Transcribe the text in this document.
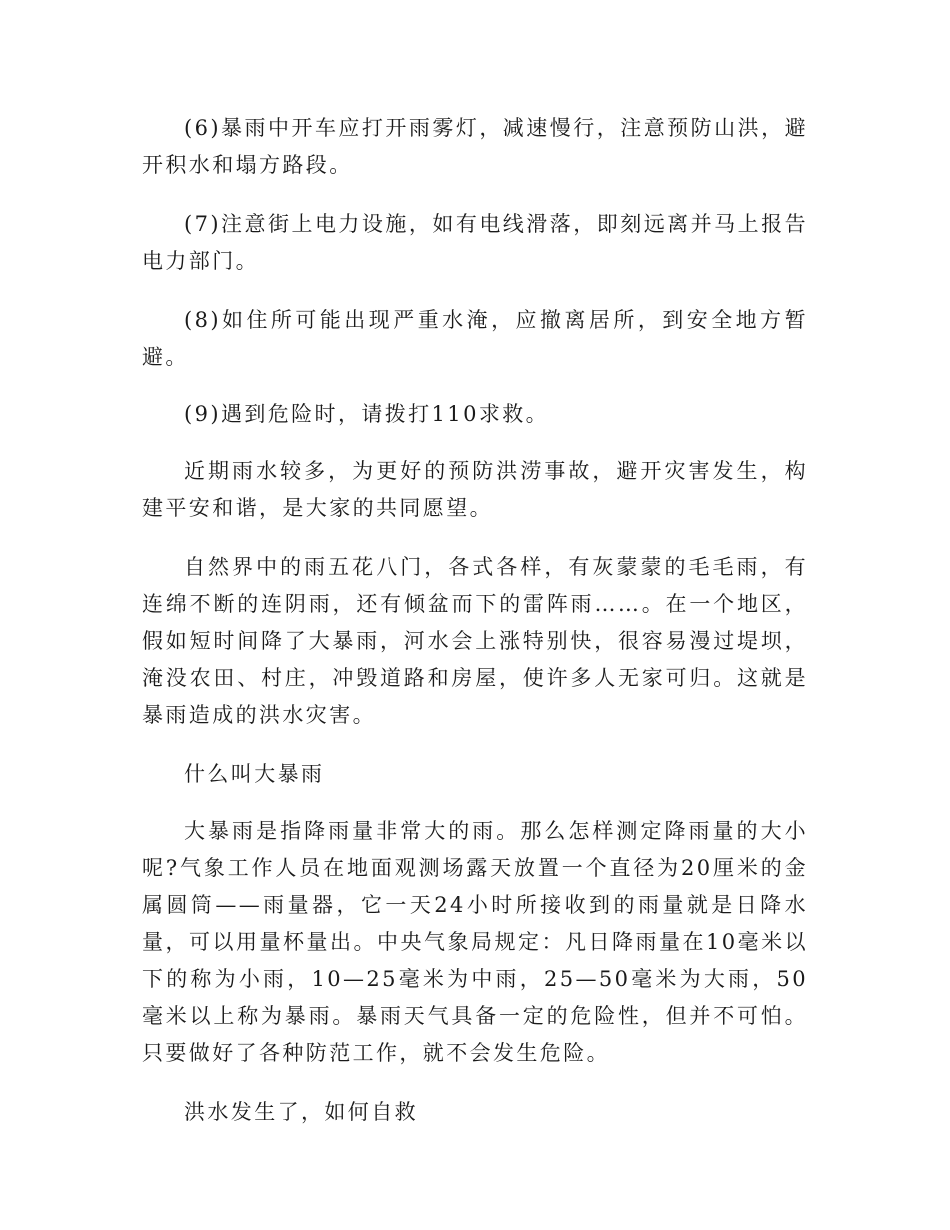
(6)暴雨中开车应打开雨雾灯，减速慢行，注意预防山洪，避开积水和塌方路段。

(7)注意街上电力设施，如有电线滑落，即刻远离并马上报告电力部门。

(8)如住所可能出现严重水淹，应撤离居所，到安全地方暂避。

(9)遇到危险时，请拨打110求救。

近期雨水较多，为更好的预防洪涝事故，避开灾害发生，构建平安和谐，是大家的共同愿望。

自然界中的雨五花八门，各式各样，有灰蒙蒙的毛毛雨，有连绵不断的连阴雨，还有倾盆而下的雷阵雨……。在一个地区，假如短时间降了大暴雨，河水会上涨特别快，很容易漫过堤坝，淹没农田、村庄，冲毁道路和房屋，使许多人无家可归。这就是暴雨造成的洪水灾害。

什么叫大暴雨

大暴雨是指降雨量非常大的雨。那么怎样测定降雨量的大小呢?气象工作人员在地面观测场露天放置一个直径为20厘米的金属圆筒——雨量器，它一天24小时所接收到的雨量就是日降水量，可以用量杯量出。中央气象局规定：凡日降雨量在10毫米以下的称为小雨，10—25毫米为中雨，25—50毫米为大雨，50毫米以上称为暴雨。暴雨天气具备一定的危险性，但并不可怕。只要做好了各种防范工作，就不会发生危险。

洪水发生了，如何自救
